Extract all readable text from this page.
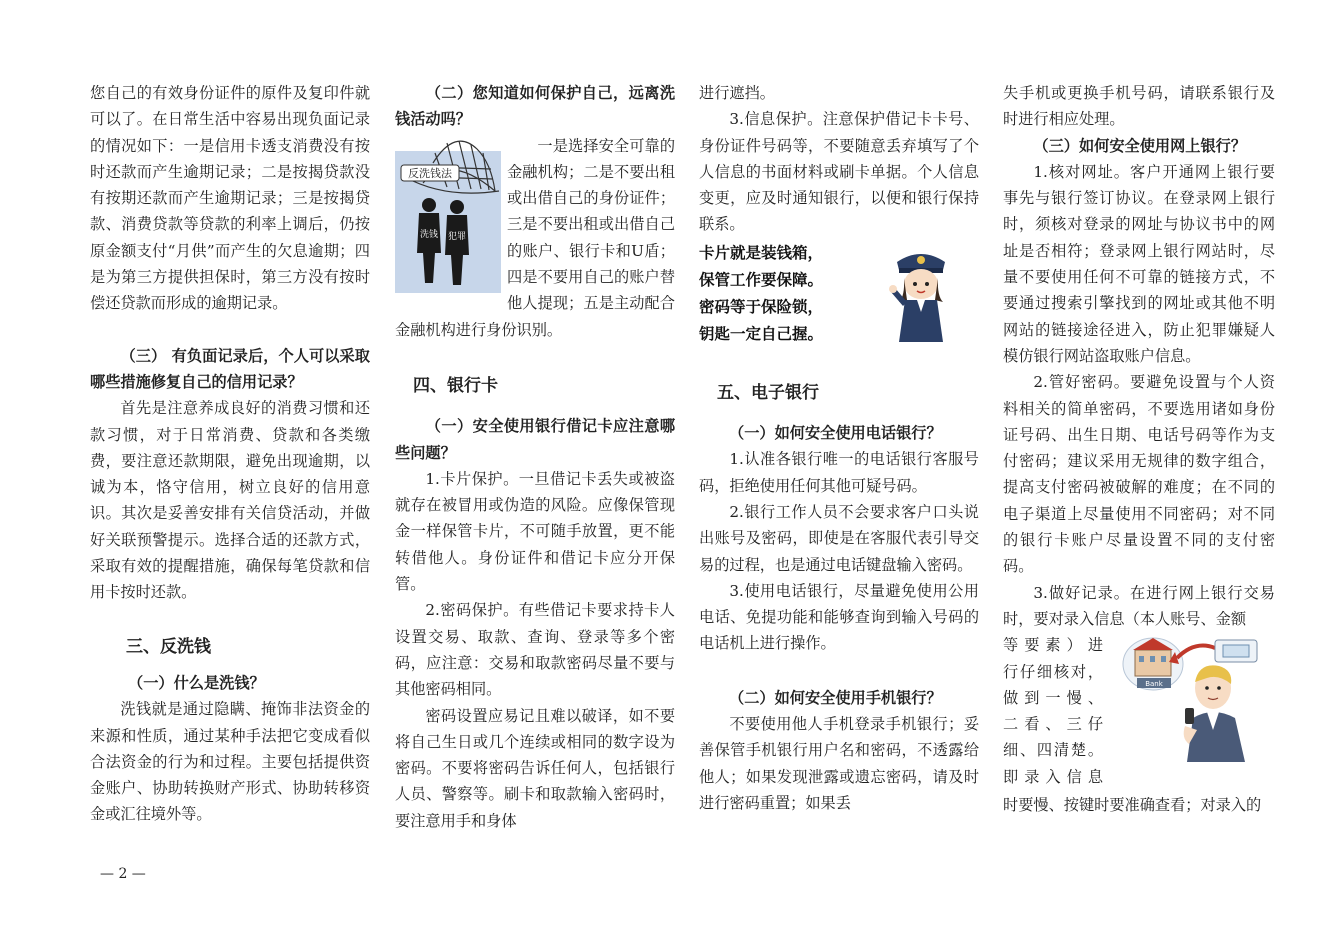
您自己的有效身份证件的原件及复印件就可以了。在日常生活中容易出现负面记录的情况如下：一是信用卡透支消费没有按时还款而产生逾期记录；二是按揭贷款没有按期还款而产生逾期记录；三是按揭贷款、消费贷款等贷款的利率上调后，仍按原金额支付“月供”而产生的欠息逾期；四是为第三方提供担保时，第三方没有按时偿还贷款而形成的逾期记录。

（三） 有负面记录后，个人可以采取哪些措施修复自己的信用记录？

首先是注意养成良好的消费习惯和还款习惯，对于日常消费、贷款和各类缴费，要注意还款期限，避免出现逾期，以诚为本，恪守信用，树立良好的信用意识。其次是妥善安排有关信贷活动，并做好关联预警提示。选择合适的还款方式，采取有效的提醒措施，确保每笔贷款和信用卡按时还款。

三、反洗钱

（一）什么是洗钱？

洗钱就是通过隐瞒、掩饰非法资金的来源和性质，通过某种手法把它变成看似合法资金的行为和过程。主要包括提供资金账户、协助转换财产形式、协助转移资金或汇往境外等。

（二）您知道如何保护自己，远离洗钱活动吗？

反洗钱法
洗钱 犯罪

一是选择安全可靠的金融机构；二是不要出租或出借自己的身份证件；三是不要出租或出借自己的账户、银行卡和U盾；四是不要用自己的账户替他人提现；五是主动配合金融机构进行身份识别。

四、银行卡

（一）安全使用银行借记卡应注意哪些问题？

1.卡片保护。一旦借记卡丢失或被盗就存在被冒用或伪造的风险。应像保管现金一样保管卡片，不可随手放置，更不能转借他人。身份证件和借记卡应分开保管。

2.密码保护。有些借记卡要求持卡人设置交易、取款、查询、登录等多个密码，应注意：交易和取款密码尽量不要与其他密码相同。

密码设置应易记且难以破译，如不要将自己生日或几个连续或相同的数字设为密码。不要将密码告诉任何人，包括银行人员、警察等。刷卡和取款输入密码时，要注意用手和身体

进行遮挡。

3.信息保护。注意保护借记卡卡号、身份证件号码等，不要随意丢弃填写了个人信息的书面材料或刷卡单据。个人信息变更，应及时通知银行，以便和银行保持联系。

卡片就是装钱箱，
保管工作要保障。
密码等于保险锁，
钥匙一定自己握。

五、电子银行

（一）如何安全使用电话银行？

1.认准各银行唯一的电话银行客服号码，拒绝使用任何其他可疑号码。

2.银行工作人员不会要求客户口头说出账号及密码，即使是在客服代表引导交易的过程，也是通过电话键盘输入密码。

3.使用电话银行，尽量避免使用公用电话、免提功能和能够查询到输入号码的电话机上进行操作。

（二）如何安全使用手机银行？

不要使用他人手机登录手机银行；妥善保管手机银行用户名和密码，不透露给他人；如果发现泄露或遗忘密码，请及时进行密码重置；如果丢

失手机或更换手机号码，请联系银行及时进行相应处理。

（三）如何安全使用网上银行？

1.核对网址。客户开通网上银行要事先与银行签订协议。在登录网上银行时，须核对登录的网址与协议书中的网址是否相符；登录网上银行网站时，尽量不要使用任何不可靠的链接方式，不要通过搜索引擎找到的网址或其他不明网站的链接途径进入，防止犯罪嫌疑人模仿银行网站盗取账户信息。

2.管好密码。要避免设置与个人资料相关的简单密码，不要选用诸如身份证号码、出生日期、电话号码等作为支付密码；建议采用无规律的数字组合，提高支付密码被破解的难度；在不同的电子渠道上尽量使用不同密码；对不同的银行卡账户尽量设置不同的支付密码。

3.做好记录。在进行网上银行交易时，要对录入信息（本人账号、金额

等要素）进
行仔细核对，
做到一慢、
二看、三仔
细、四清楚。
即录入信息
Bank

时要慢、按键时要准确查看；对录入的

— 2 —
